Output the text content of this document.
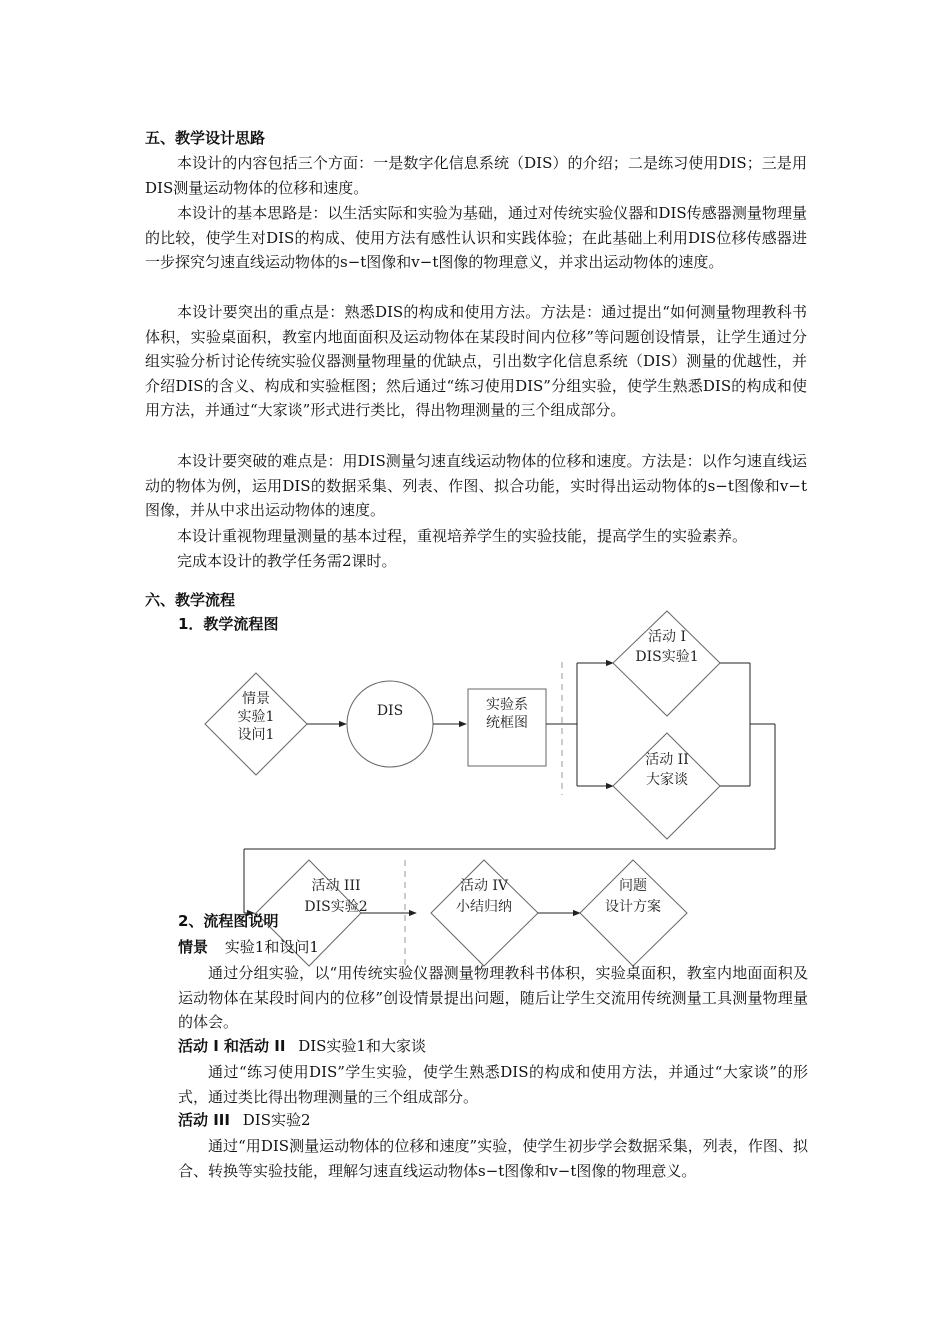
五、教学设计思路
本设计的内容包括三个方面：一是数字化信息系统（DIS）的介绍；二是练习使用DIS；三是用DIS测量运动物体的位移和速度。
本设计的基本思路是：以生活实际和实验为基础，通过对传统实验仪器和DIS传感器测量物理量的比较，使学生对DIS的构成、使用方法有感性认识和实践体验；在此基础上利用DIS位移传感器进一步探究匀速直线运动物体的s−t图像和v−t图像的物理意义，并求出运动物体的速度。
本设计要突出的重点是：熟悉DIS的构成和使用方法。方法是：通过提出“如何测量物理教科书体积，实验桌面积，教室内地面面积及运动物体在某段时间内位移”等问题创设情景，让学生通过分组实验分析讨论传统实验仪器测量物理量的优缺点，引出数字化信息系统（DIS）测量的优越性，并介绍DIS的含义、构成和实验框图；然后通过“练习使用DIS”分组实验，使学生熟悉DIS的构成和使用方法，并通过“大家谈”形式进行类比，得出物理测量的三个组成部分。
本设计要突破的难点是：用DIS测量匀速直线运动物体的位移和速度。方法是：以作匀速直线运动的物体为例，运用DIS的数据采集、列表、作图、拟合功能，实时得出运动物体的s−t图像和v−t图像，并从中求出运动物体的速度。
本设计重视物理量测量的基本过程，重视培养学生的实验技能，提高学生的实验素养。
完成本设计的教学任务需2课时。
六、教学流程
1．教学流程图
情景
实验1
设问1
DIS	实验系
统框图
活动 I
DIS实验1
活动 II
大家谈
活动 III
DIS实验2
活动 IV
小结归纳
问题
设计方案
2、流程图说明
情景 实验1和设问1
通过分组实验，以“用传统实验仪器测量物理教科书体积，实验桌面积，教室内地面面积及运动物体在某段时间内的位移”创设情景提出问题，随后让学生交流用传统测量工具测量物理量的体会。
活动 I 和活动 II DIS实验1和大家谈
通过“练习使用DIS”学生实验，使学生熟悉DIS的构成和使用方法，并通过“大家谈”的形式，通过类比得出物理测量的三个组成部分。
活动 III DIS实验2
通过“用DIS测量运动物体的位移和速度”实验，使学生初步学会数据采集，列表，作图、拟合、转换等实验技能，理解匀速直线运动物体s−t图像和v−t图像的物理意义。
